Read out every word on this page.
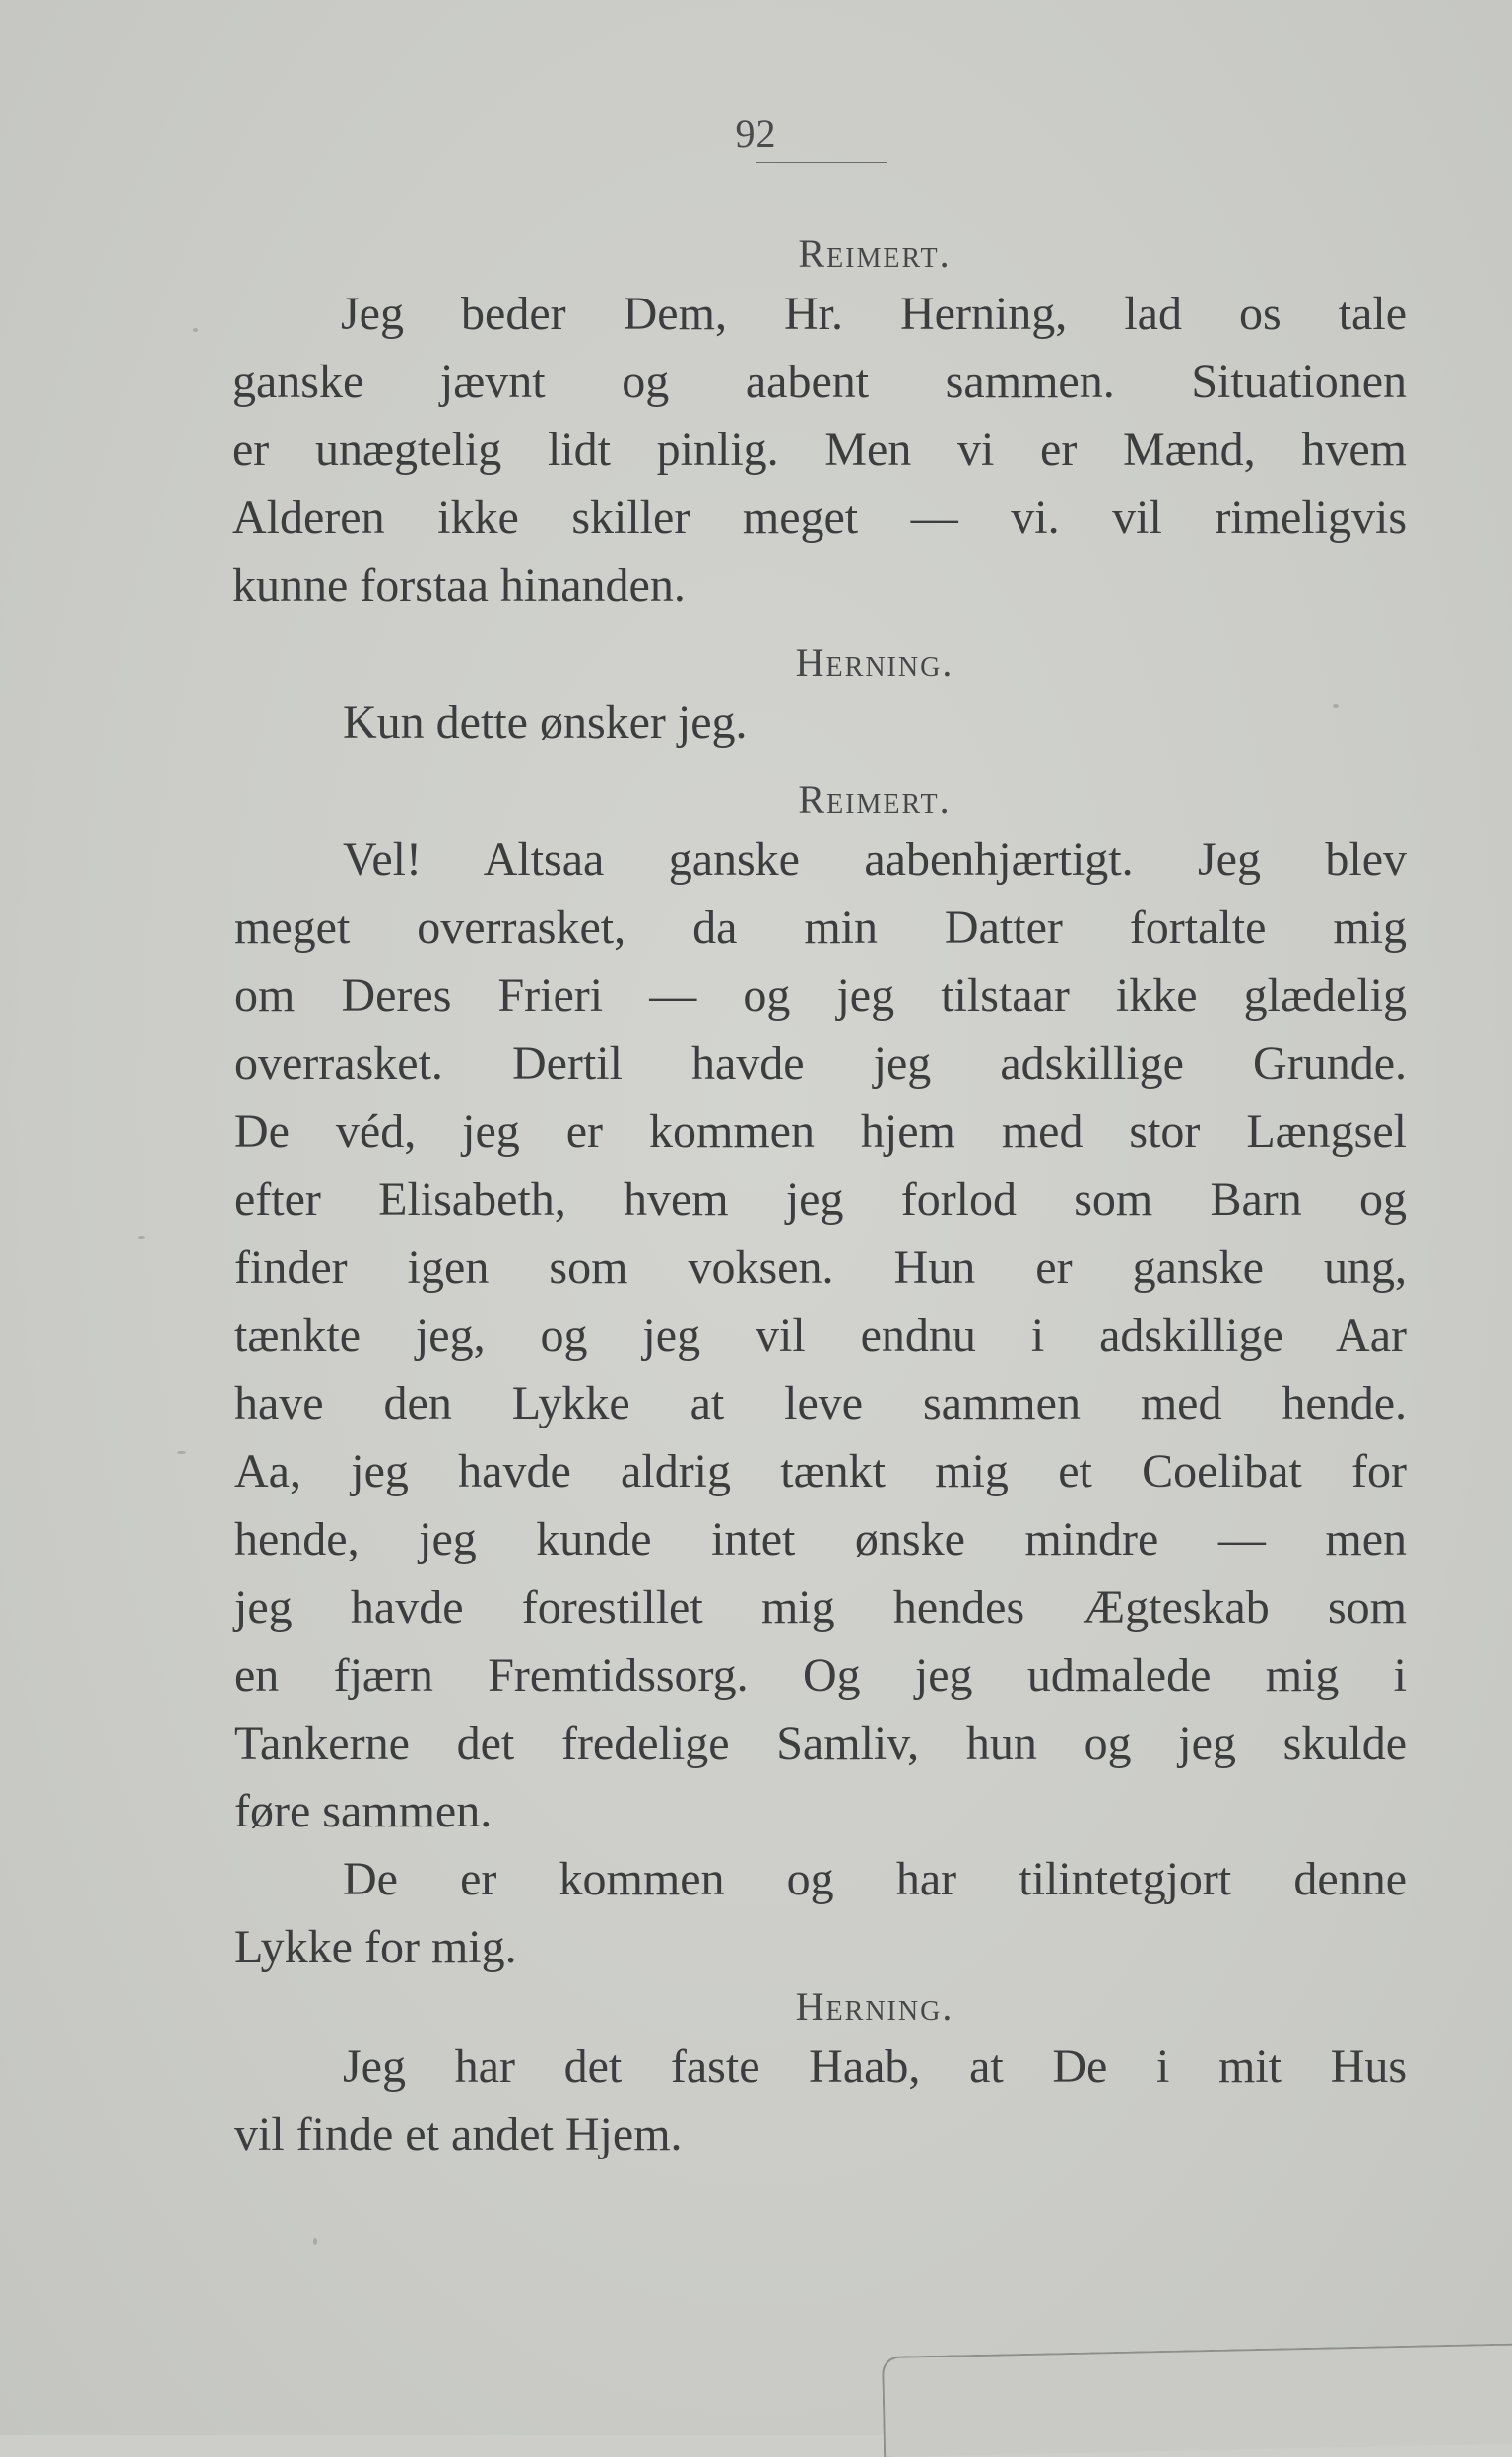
92

Reimert.

Jeg beder Dem, Hr. Herning, lad os tale
ganske jævnt og aabent sammen. Situationen
er unægtelig lidt pinlig. Men vi er Mænd, hvem
Alderen ikke skiller meget — vi. vil rimeligvis
kunne forstaa hinanden.

Herning.

Kun dette ønsker jeg.

Reimert.

Vel! Altsaa ganske aabenhjærtigt. Jeg blev
meget overrasket, da min Datter fortalte mig
om Deres Frieri — og jeg tilstaar ikke glædelig
overrasket. Dertil havde jeg adskillige Grunde.
De véd, jeg er kommen hjem med stor Længsel
efter Elisabeth, hvem jeg forlod som Barn og
finder igen som voksen. Hun er ganske ung,
tænkte jeg, og jeg vil endnu i adskillige Aar
have den Lykke at leve sammen med hende.
Aa, jeg havde aldrig tænkt mig et Coelibat for
hende, jeg kunde intet ønske mindre — men
jeg havde forestillet mig hendes Ægteskab som
en fjærn Fremtidssorg. Og jeg udmalede mig i
Tankerne det fredelige Samliv, hun og jeg skulde
føre sammen.

De er kommen og har tilintetgjort denne
Lykke for mig.

Herning.

Jeg har det faste Haab, at De i mit Hus
vil finde et andet Hjem.
